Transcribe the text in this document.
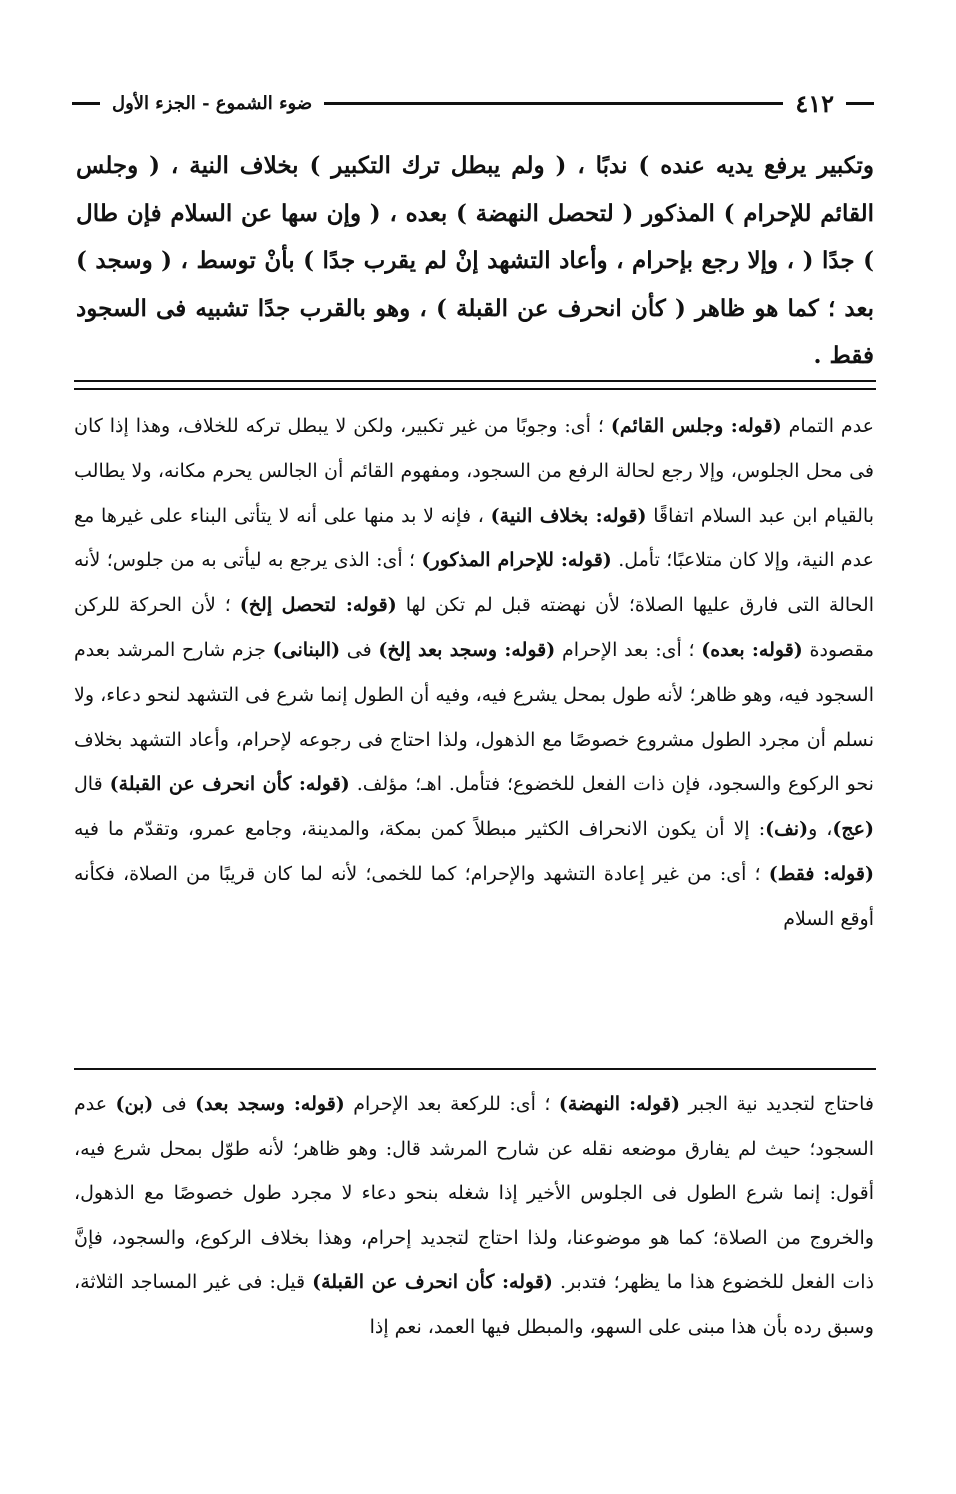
٤١٢
ضوء الشموع - الجزء الأول
وتكبير يرفع يديه عنده ) ندبًا ، ( ولم يبطل ترك التكبير ) بخلاف النية ، ( وجلس القائم للإحرام ) المذكور ( لتحصل النهضة ) بعده ، ( وإن سها عن السلام فإن طال ) جدًا ( ، وإلا رجع بإحرام ، وأعاد التشهد إنْ لم يقرب جدًا ) بأنْ توسط ، ( وسجد ) بعد ؛ كما هو ظاهر ( كأن انحرف عن القبلة ) ، وهو بالقرب جدًا تشبيه فى السجود فقط .
عدم التمام (قوله: وجلس القائم) ؛ أى: وجوبًا من غير تكبير، ولكن لا يبطل تركه للخلاف، وهذا إذا كان فى محل الجلوس، وإلا رجع لحالة الرفع من السجود، ومفهوم القائم أن الجالس يحرم مكانه، ولا يطالب بالقيام ابن عبد السلام اتفاقًا (قوله: بخلاف النية) ، فإنه لا بد منها على أنه لا يتأتى البناء على غيرها مع عدم النية، وإلا كان متلاعبًا؛ تأمل. (قوله: للإحرام المذكور) ؛ أى: الذى يرجع به ليأتى به من جلوس؛ لأنه الحالة التى فارق عليها الصلاة؛ لأن نهضته قبل لم تكن لها (قوله: لتحصل إلخ) ؛ لأن الحركة للركن مقصودة (قوله: بعده) ؛ أى: بعد الإحرام (قوله: وسجد بعد إلخ) فى (البنانى) جزم شارح المرشد بعدم السجود فيه، وهو ظاهر؛ لأنه طول بمحل يشرع فيه، وفيه أن الطول إنما شرع فى التشهد لنحو دعاء، ولا نسلم أن مجرد الطول مشروع خصوصًا مع الذهول، ولذا احتاج فى رجوعه لإحرام، وأعاد التشهد بخلاف نحو الركوع والسجود، فإن ذات الفعل للخضوع؛ فتأمل. اهـ؛ مؤلف. (قوله: كأن انحرف عن القبلة) قال (عج)، و(نف): إلا أن يكون الانحراف الكثير مبطلاً كمن بمكة، والمدينة، وجامع عمرو، وتقدّم ما فيه (قوله: فقط) ؛ أى: من غير إعادة التشهد والإحرام؛ كما للخمى؛ لأنه لما كان قريبًا من الصلاة، فكأنه أوقع السلام
فاحتاج لتجديد نية الجبر (قوله: النهضة) ؛ أى: للركعة بعد الإحرام (قوله: وسجد بعد) فى (بن) عدم السجود؛ حيث لم يفارق موضعه نقله عن شارح المرشد قال: وهو ظاهر؛ لأنه طوّل بمحل شرع فيه، أقول: إنما شرع الطول فى الجلوس الأخير إذا شغله بنحو دعاء لا مجرد طول خصوصًا مع الذهول، والخروج من الصلاة؛ كما هو موضوعنا، ولذا احتاج لتجديد إحرام، وهذا بخلاف الركوع، والسجود، فإنَّ ذات الفعل للخضوع هذا ما يظهر؛ فتدبر. (قوله: كأن انحرف عن القبلة) قيل: فى غير المساجد الثلاثة، وسبق رده بأن هذا مبنى على السهو، والمبطل فيها العمد، نعم إذا
